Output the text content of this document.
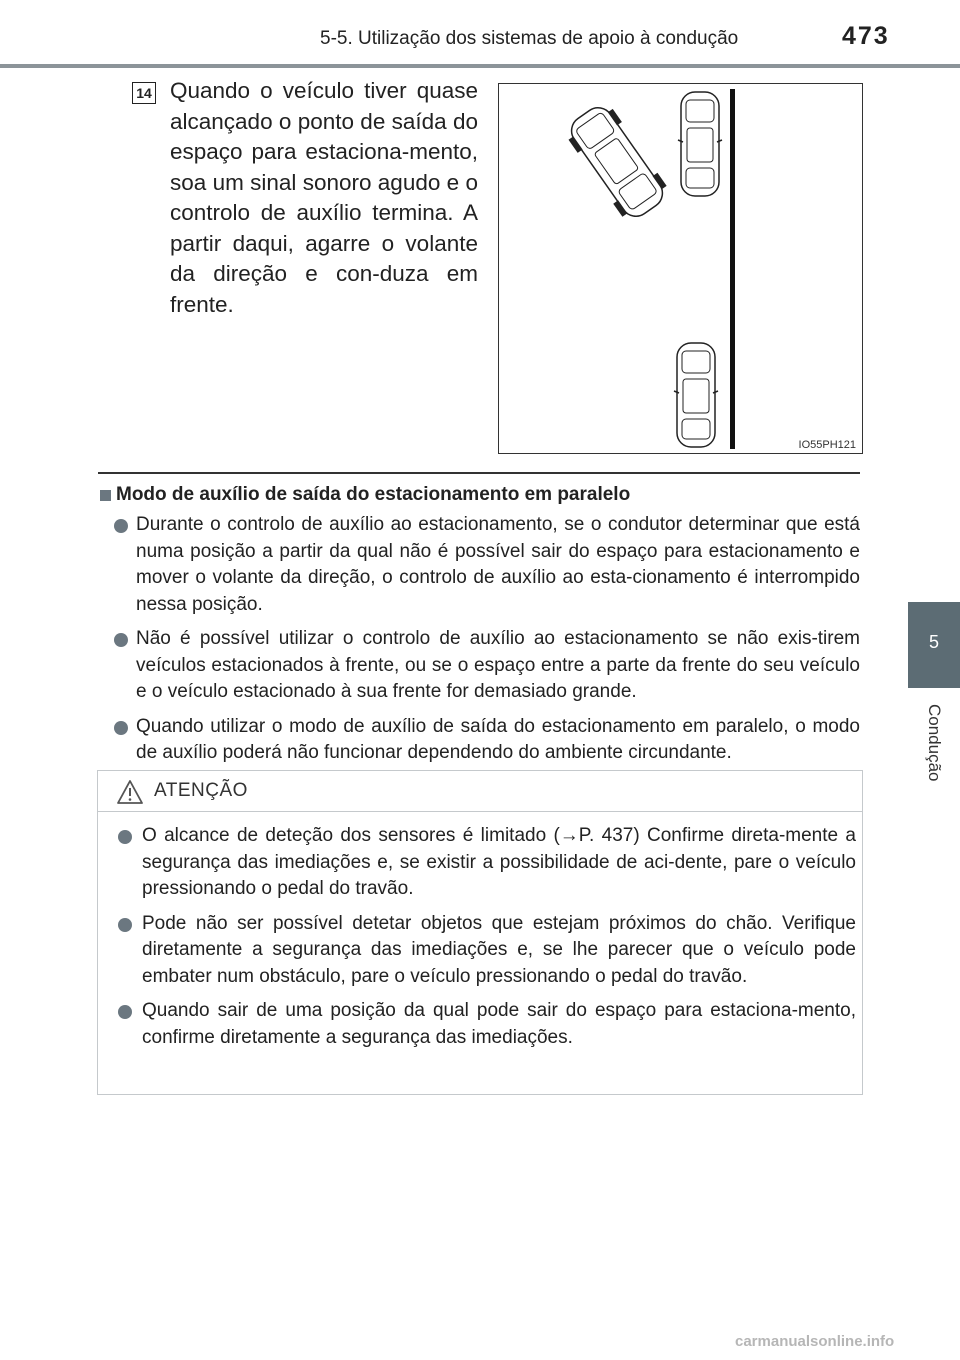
5-5. Utilização dos sistemas de apoio à condução	473
5
Condução
14 Quando o veículo tiver quase alcançado o ponto de saída do espaço para estaciona-mento, soa um sinal sonoro agudo e o controlo de auxílio termina. A partir daqui, agarre o volante da direção e con-duza em frente.
IO55PH121
Modo de auxílio de saída do estacionamento em paralelo
Durante o controlo de auxílio ao estacionamento, se o condutor determinar que está numa posição a partir da qual não é possível sair do espaço para estacionamento e mover o volante da direção, o controlo de auxílio ao esta-cionamento é interrompido nessa posição.
Não é possível utilizar o controlo de auxílio ao estacionamento se não exis-tirem veículos estacionados à frente, ou se o espaço entre a parte da frente do seu veículo e o veículo estacionado à sua frente for demasiado grande.
Quando utilizar o modo de auxílio de saída do estacionamento em paralelo, o modo de auxílio poderá não funcionar dependendo do ambiente circundante.
ATENÇÃO
O alcance de deteção dos sensores é limitado (→P. 437) Confirme direta-mente a segurança das imediações e, se existir a possibilidade de aci-dente, pare o veículo pressionando o pedal do travão.
Pode não ser possível detetar objetos que estejam próximos do chão. Verifique diretamente a segurança das imediações e, se lhe parecer que o veículo pode embater num obstáculo, pare o veículo pressionando o pedal do travão.
Quando sair de uma posição da qual pode sair do espaço para estaciona-mento, confirme diretamente a segurança das imediações.
carmanualsonline.info
